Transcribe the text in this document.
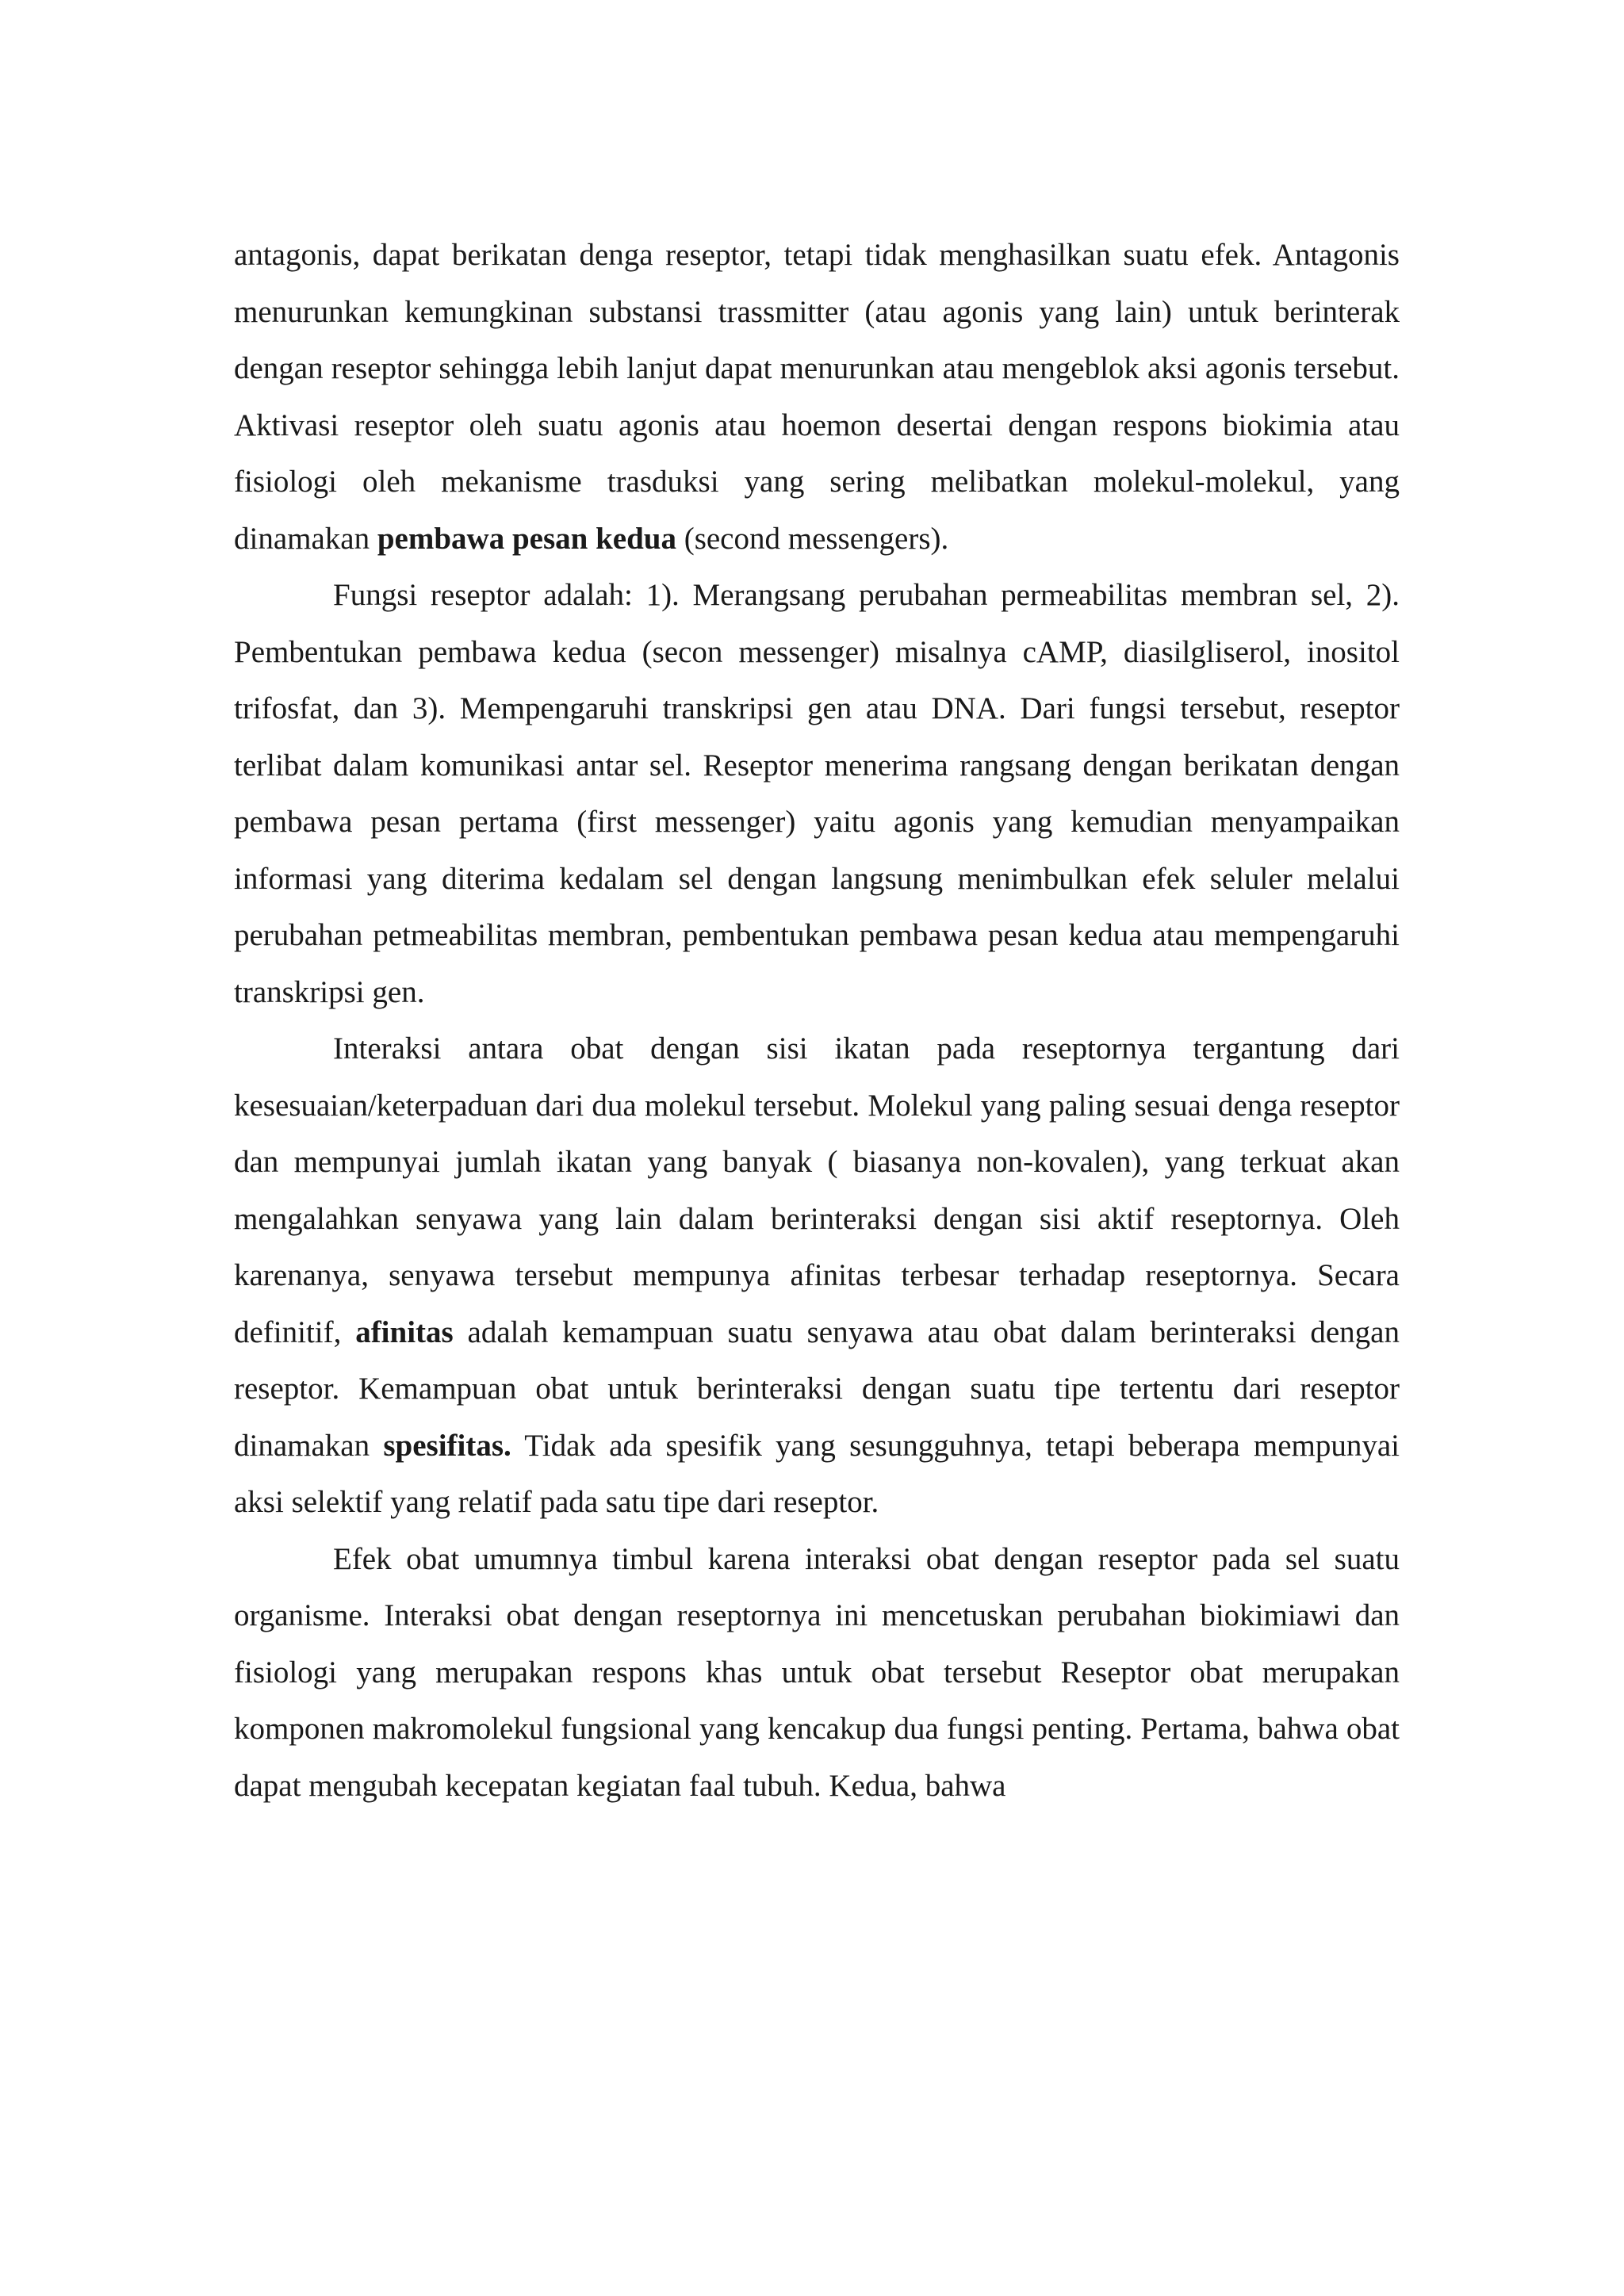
antagonis, dapat berikatan denga reseptor, tetapi tidak menghasilkan suatu efek. Antagonis menurunkan kemungkinan substansi trassmitter (atau agonis yang lain) untuk berinterak dengan reseptor sehingga lebih lanjut dapat menurunkan atau mengeblok aksi agonis tersebut. Aktivasi reseptor oleh suatu agonis atau hoemon desertai dengan respons biokimia atau fisiologi oleh mekanisme trasduksi yang sering melibatkan molekul-molekul, yang dinamakan pembawa pesan kedua (second messengers).

Fungsi reseptor adalah: 1). Merangsang perubahan permeabilitas membran sel, 2). Pembentukan pembawa kedua (secon messenger) misalnya cAMP, diasilgliserol, inositol trifosfat, dan 3). Mempengaruhi transkripsi gen atau DNA. Dari fungsi tersebut, reseptor terlibat dalam komunikasi antar sel. Reseptor menerima rangsang dengan berikatan dengan pembawa pesan pertama (first messenger) yaitu agonis yang kemudian menyampaikan informasi yang diterima kedalam sel dengan langsung menimbulkan efek seluler melalui perubahan petmeabilitas membran, pembentukan pembawa pesan kedua atau mempengaruhi transkripsi gen.

Interaksi antara obat dengan sisi ikatan pada reseptornya tergantung dari kesesuaian/keterpaduan dari dua molekul tersebut. Molekul yang paling sesuai denga reseptor dan mempunyai jumlah ikatan yang banyak ( biasanya non-kovalen), yang terkuat akan mengalahkan senyawa yang lain dalam berinteraksi dengan sisi aktif reseptornya. Oleh karenanya, senyawa tersebut mempunya afinitas terbesar terhadap reseptornya. Secara definitif, afinitas adalah kemampuan suatu senyawa atau obat dalam berinteraksi dengan reseptor. Kemampuan obat untuk berinteraksi dengan suatu tipe tertentu dari reseptor dinamakan spesifitas. Tidak ada spesifik yang sesungguhnya, tetapi beberapa mempunyai aksi selektif yang relatif pada satu tipe dari reseptor.

Efek obat umumnya timbul karena interaksi obat dengan reseptor pada sel suatu organisme. Interaksi obat dengan reseptornya ini mencetuskan perubahan biokimiawi dan fisiologi yang merupakan respons khas untuk obat tersebut Reseptor obat merupakan komponen makromolekul fungsional yang kencakup dua fungsi penting. Pertama, bahwa obat dapat mengubah kecepatan kegiatan faal tubuh. Kedua, bahwa
